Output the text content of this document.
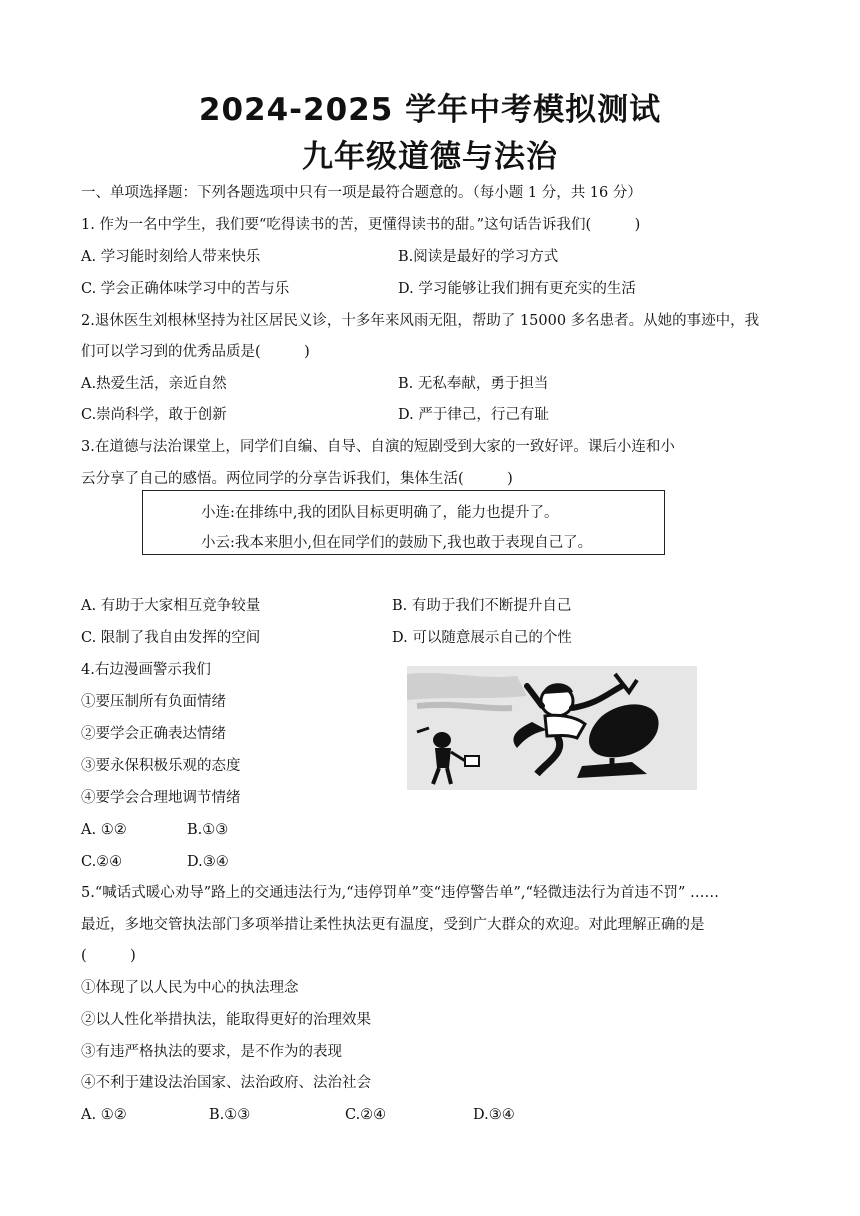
2024-2025 学年中考模拟测试
九年级道德与法治
一、单项选择题：下列各题选项中只有一项是最符合题意的。（每小题 1 分，共 16 分）
1. 作为一名中学生，我们要“吃得读书的苦，更懂得读书的甜。”这句话告诉我们(　　　)
A. 学习能时刻给人带来快乐	B.阅读是最好的学习方式
C. 学会正确体味学习中的苦与乐	D. 学习能够让我们拥有更充实的生活
2.退休医生刘根林坚持为社区居民义诊，十多年来风雨无阻，帮助了 15000 多名患者。从她的事迹中，我
们可以学习到的优秀品质是(　　　)
A.热爱生活，亲近自然	B. 无私奉献，勇于担当
C.崇尚科学，敢于创新	D. 严于律己，行己有耻
3.在道德与法治课堂上，同学们自编、自导、自演的短剧受到大家的一致好评。课后小连和小
云分享了自己的感悟。两位同学的分享告诉我们，集体生活(　　　)
小连:在排练中,我的团队目标更明确了，能力也提升了。
小云:我本来胆小,但在同学们的鼓励下,我也敢于表现自己了。
A. 有助于大家相互竞争较量	B. 有助于我们不断提升自己
C. 限制了我自由发挥的空间	D. 可以随意展示自己的个性
4.右边漫画警示我们
①要压制所有负面情绪
②要学会正确表达情绪
③要永保积极乐观的态度
④要学会合理地调节情绪
A. ①②	B.①③
C.②④	D.③④
5.“喊话式暖心劝导”路上的交通违法行为,“违停罚单”变“违停警告单”,“轻微违法行为首违不罚” ……
最近，多地交管执法部门多项举措让柔性执法更有温度，受到广大群众的欢迎。对此理解正确的是
(　　　)
①体现了以人民为中心的执法理念
②以人性化举措执法，能取得更好的治理效果
③有违严格执法的要求，是不作为的表现
④不利于建设法治国家、法治政府、法治社会
A. ①②	B.①③	C.②④	D.③④
